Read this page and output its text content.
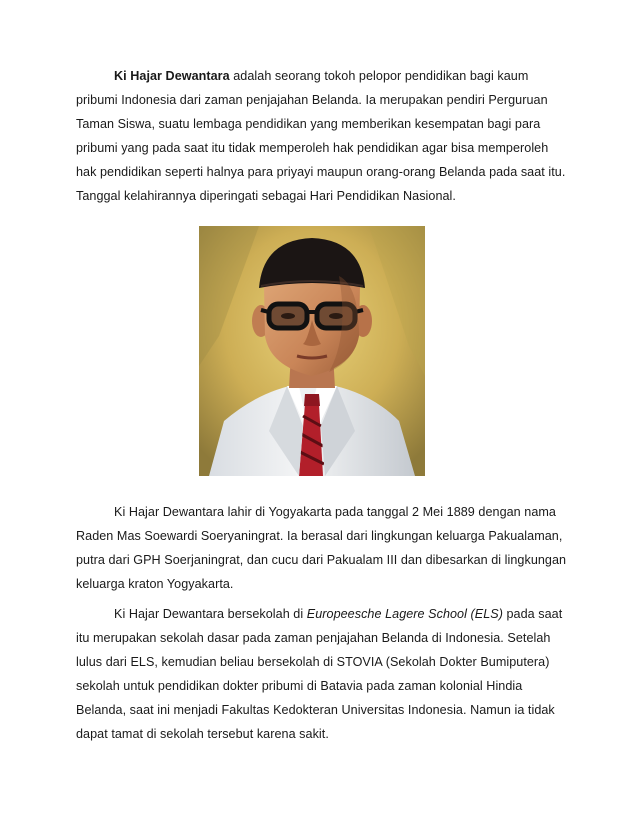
Ki Hajar Dewantara adalah seorang tokoh pelopor pendidikan bagi kaum
pribumi Indonesia dari zaman penjajahan Belanda. Ia merupakan pendiri Perguruan
Taman Siswa, suatu lembaga pendidikan yang memberikan kesempatan bagi para
pribumi yang pada saat itu tidak memperoleh hak pendidikan agar bisa memperoleh
hak pendidikan seperti halnya para priyayi maupun orang-orang Belanda pada saat itu.
Tanggal kelahirannya diperingati sebagai Hari Pendidikan Nasional.
Ki Hajar Dewantara lahir di Yogyakarta pada tanggal 2 Mei 1889 dengan nama
Raden Mas Soewardi Soeryaningrat. Ia berasal dari lingkungan keluarga Pakualaman,
putra dari GPH Soerjaningrat, dan cucu dari Pakualam III dan dibesarkan di lingkungan
keluarga kraton Yogyakarta.
Ki Hajar Dewantara bersekolah di Europeesche Lagere School (ELS) pada saat
itu merupakan sekolah dasar pada zaman penjajahan Belanda di Indonesia. Setelah
lulus dari ELS, kemudian beliau bersekolah di STOVIA (Sekolah Dokter Bumiputera)
sekolah untuk pendidikan dokter pribumi di Batavia pada zaman kolonial Hindia
Belanda, saat ini menjadi Fakultas Kedokteran Universitas Indonesia. Namun ia tidak
dapat tamat di sekolah tersebut karena sakit.
